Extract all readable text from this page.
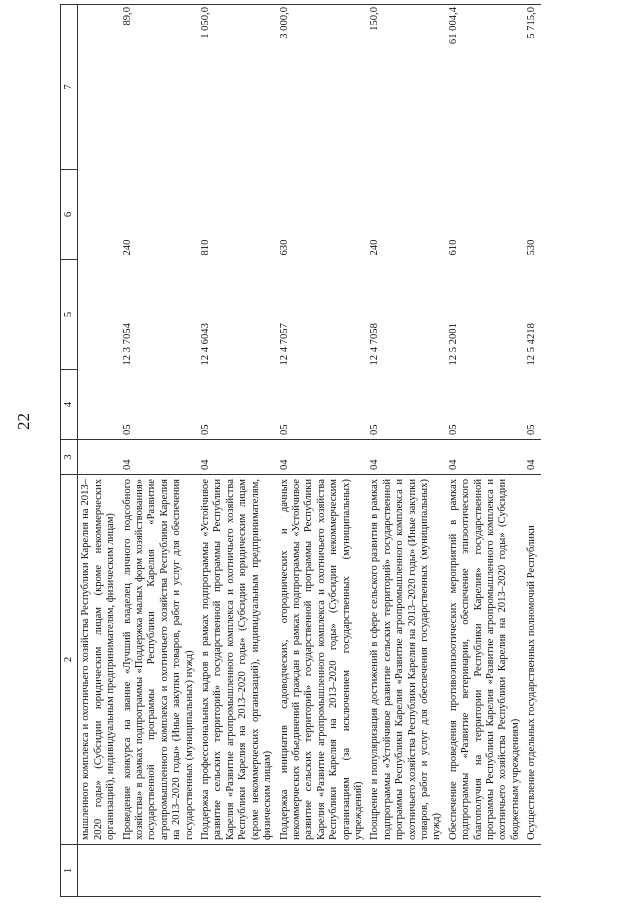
22
1	2	3	4	5	6	7
	мышленного комплекса и охотничьего хозяйства Республики Карелия на 2013–2020 годы» (Субсидии юридическим лицам (кроме некоммерческих организаций), индивидуальным предпринимателям, физическим лицам)					
	Проведение конкурса на звание «Лучший владелец личного подсобного хозяйства» в рамках подпрограммы «Поддержка малых форм хозяйствования» государственной программы Республики Карелия «Развитие агропромышленного комплекса и охотничьего хозяйства Республики Карелия на 2013–2020 годы» (Иные закупки товаров, работ и услуг для обеспечения государственных (муниципальных) нужд)	04	05	12 3 7054	240	89,0
	Поддержка профессиональных кадров в рамках подпрограммы «Устойчивое развитие сельских территорий» государственной программы Республики Карелия «Развитие агропромышленного комплекса и охотничьего хозяйства Республики Карелия на 2013–2020 годы» (Субсидии юридическим лицам (кроме некоммерческих организаций), индивидуальным предпринимателям, физическим лицам)	04	05	12 4 6043	810	1 050,0
	Поддержка инициатив садоводческих, огороднических и дачных некоммерческих объединений граждан в рамках подпрограммы «Устойчивое развитие сельских территорий» государственной программы Республики Карелия «Развитие агропромышленного комплекса и охотничьего хозяйства Республики Карелия на 2013–2020 годы» (Субсидии некоммерческим организациям (за исключением государственных (муниципальных) учреждений)	04	05	12 4 7057	630	3 000,0
	Поощрение и популяризация достижений в сфере сельского развития в рамках подпрограммы «Устойчивое развитие сельских территорий» государственной программы Республики Карелия «Развитие агропромышленного комплекса и охотничьего хозяйства Республики Карелия на 2013–2020 годы» (Иные закупки товаров, работ и услуг для обеспечения государственных (муниципальных) нужд)	04	05	12 4 7058	240	150,0
	Обеспечение проведения противоэпизоотических мероприятий в рамках подпрограммы «Развитие ветеринарии, обеспечение эпизоотического благополучия на территории Республики Карелия» государственной программы Республики Карелия «Развитие агропромышленного комплекса и охотничьего хозяйства Республики Карелия на 2013–2020 годы» (Субсидии бюджетным учреждениям)	04	05	12 5 2001	610	61 004,4
	Осуществление отдельных государственных полномочий Республики	04	05	12 5 4218	530	5 715,0
